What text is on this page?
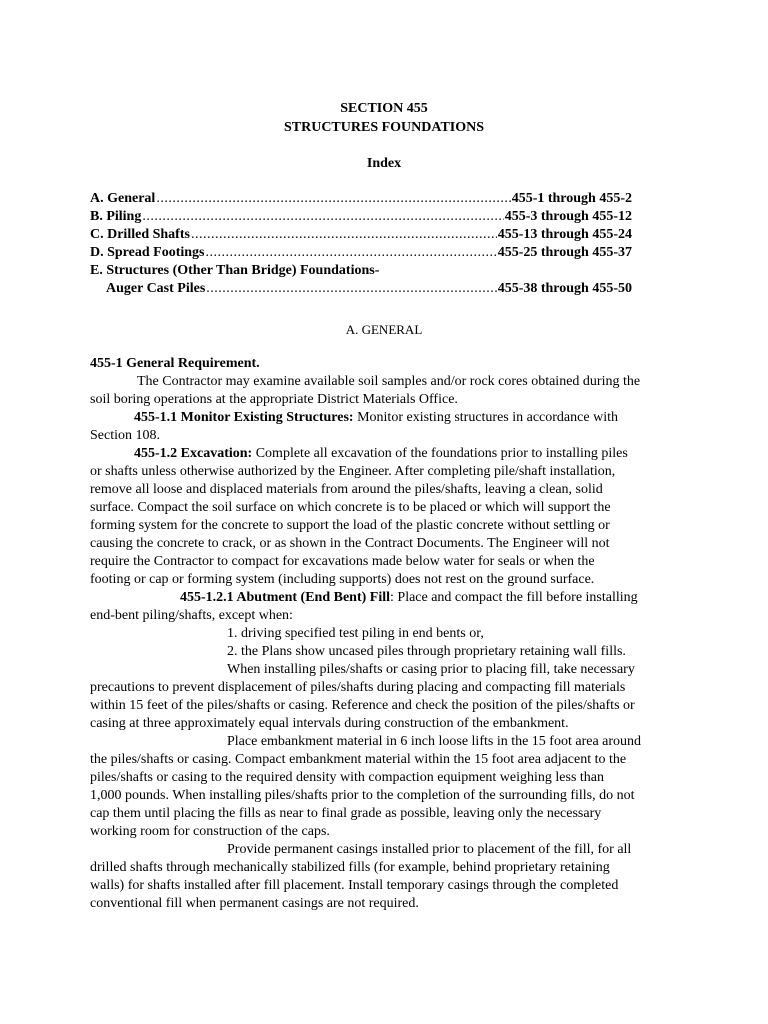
SECTION 455
STRUCTURES FOUNDATIONS
Index
A. General .....	455-1 through 455-2
B. Piling .....	455-3 through 455-12
C. Drilled Shafts .....	455-13 through 455-24
D. Spread Footings .....	455-25 through 455-37
E. Structures (Other Than Bridge) Foundations-
Auger Cast Piles .....	455-38 through 455-50
A. GENERAL
455-1 General Requirement.
The Contractor may examine available soil samples and/or rock cores obtained during the
soil boring operations at the appropriate District Materials Office.
455-1.1 Monitor Existing Structures: Monitor existing structures in accordance with
Section 108.
455-1.2 Excavation: Complete all excavation of the foundations prior to installing piles
or shafts unless otherwise authorized by the Engineer. After completing pile/shaft installation,
remove all loose and displaced materials from around the piles/shafts, leaving a clean, solid
surface. Compact the soil surface on which concrete is to be placed or which will support the
forming system for the concrete to support the load of the plastic concrete without settling or
causing the concrete to crack, or as shown in the Contract Documents. The Engineer will not
require the Contractor to compact for excavations made below water for seals or when the
footing or cap or forming system (including supports) does not rest on the ground surface.
455-1.2.1 Abutment (End Bent) Fill: Place and compact the fill before installing
end-bent piling/shafts, except when:
1. driving specified test piling in end bents or,
2. the Plans show uncased piles through proprietary retaining wall fills.
When installing piles/shafts or casing prior to placing fill, take necessary
precautions to prevent displacement of piles/shafts during placing and compacting fill materials
within 15 feet of the piles/shafts or casing. Reference and check the position of the piles/shafts or
casing at three approximately equal intervals during construction of the embankment.
Place embankment material in 6 inch loose lifts in the 15 foot area around
the piles/shafts or casing. Compact embankment material within the 15 foot area adjacent to the
piles/shafts or casing to the required density with compaction equipment weighing less than
1,000 pounds. When installing piles/shafts prior to the completion of the surrounding fills, do not
cap them until placing the fills as near to final grade as possible, leaving only the necessary
working room for construction of the caps.
Provide permanent casings installed prior to placement of the fill, for all
drilled shafts through mechanically stabilized fills (for example, behind proprietary retaining
walls) for shafts installed after fill placement. Install temporary casings through the completed
conventional fill when permanent casings are not required.
